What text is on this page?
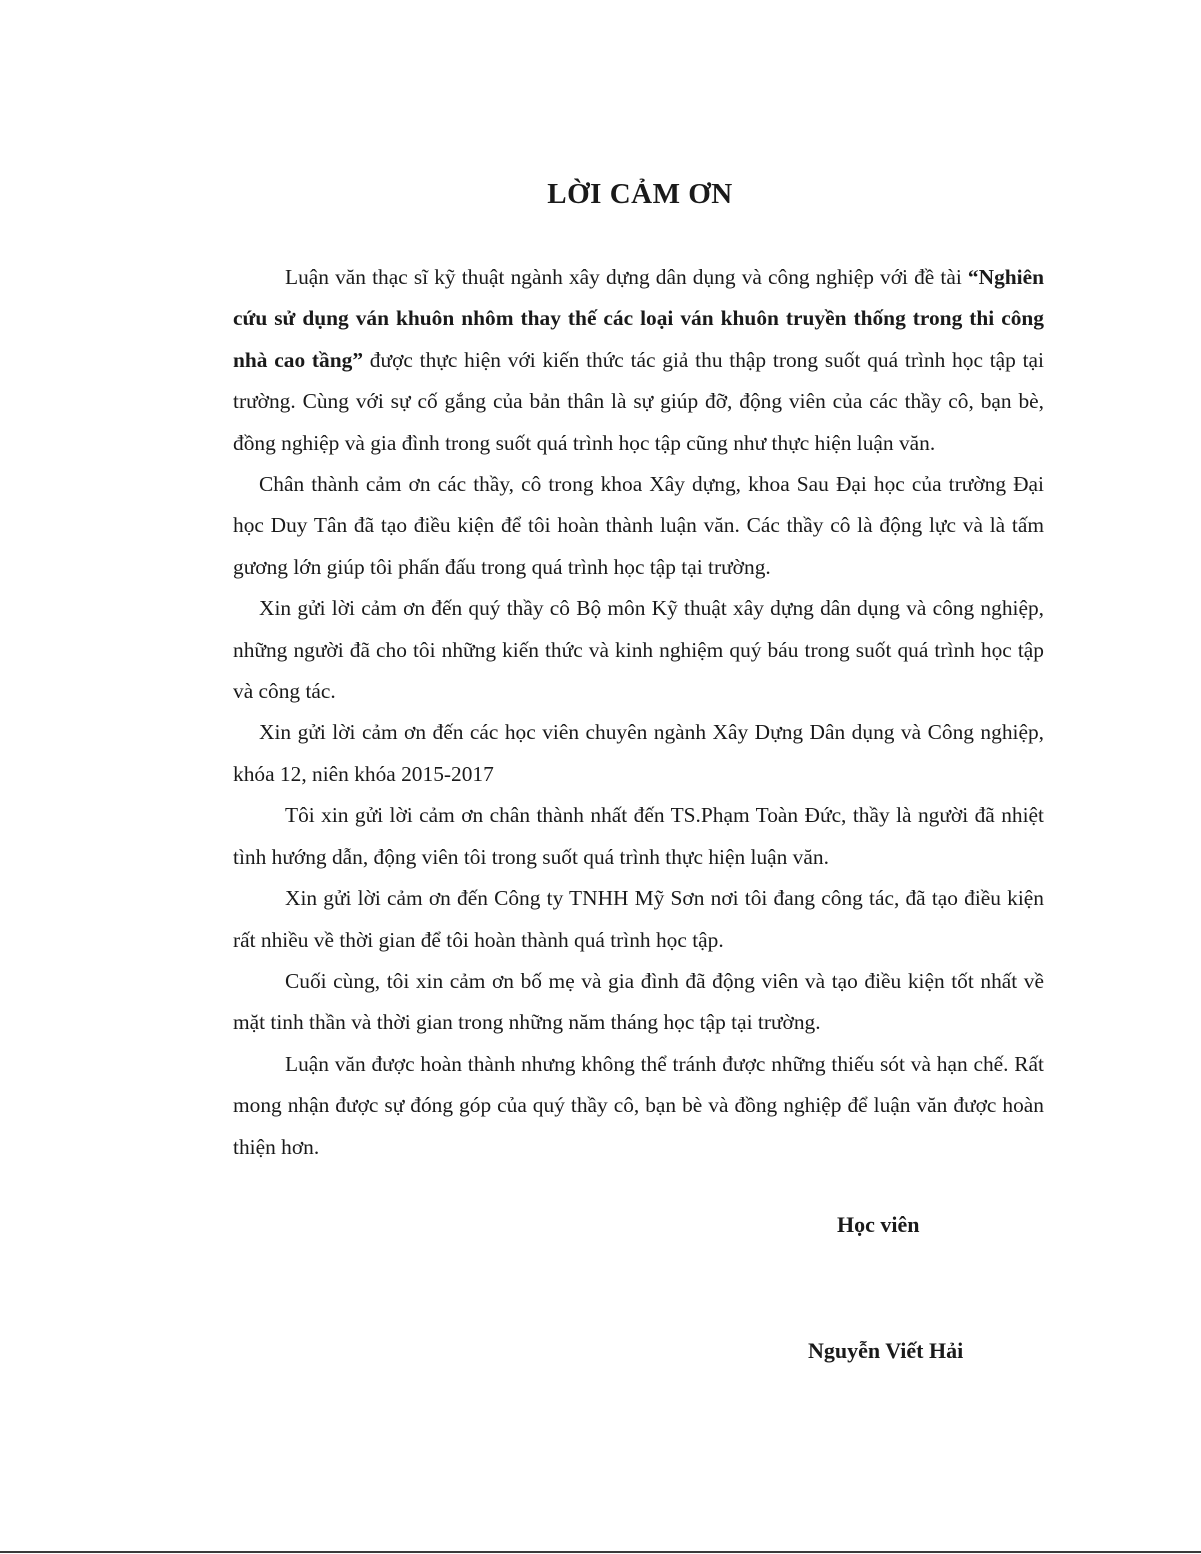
LỜI CẢM ƠN

Luận văn thạc sĩ kỹ thuật ngành xây dựng dân dụng và công nghiệp với đề tài “Nghiên cứu sử dụng ván khuôn nhôm thay thế các loại ván khuôn truyền thống trong thi công nhà cao tầng” được thực hiện với kiến thức tác giả thu thập trong suốt quá trình học tập tại trường. Cùng với sự cố gắng của bản thân là sự giúp đỡ, động viên của các thầy cô, bạn bè, đồng nghiệp và gia đình trong suốt quá trình học tập cũng như thực hiện luận văn.

Chân thành cảm ơn các thầy, cô trong khoa Xây dựng, khoa Sau Đại học của trường Đại học Duy Tân đã tạo điều kiện để tôi hoàn thành luận văn. Các thầy cô là động lực và là tấm gương lớn giúp tôi phấn đấu trong quá trình học tập tại trường.

Xin gửi lời cảm ơn đến quý thầy cô Bộ môn Kỹ thuật xây dựng dân dụng và công nghiệp, những người đã cho tôi những kiến thức và kinh nghiệm quý báu trong suốt quá trình học tập và công tác.

Xin gửi lời cảm ơn đến các học viên chuyên ngành Xây Dựng Dân dụng và Công nghiệp, khóa 12, niên khóa 2015-2017

Tôi xin gửi lời cảm ơn chân thành nhất đến TS.Phạm Toàn Đức, thầy là người đã nhiệt tình hướng dẫn, động viên tôi trong suốt quá trình thực hiện luận văn.

Xin gửi lời cảm ơn đến Công ty TNHH Mỹ Sơn nơi tôi đang công tác, đã tạo điều kiện rất nhiều về thời gian để tôi hoàn thành quá trình học tập.

Cuối cùng, tôi xin cảm ơn bố mẹ và gia đình đã động viên và tạo điều kiện tốt nhất về mặt tinh thần và thời gian trong những năm tháng học tập tại trường.

Luận văn được hoàn thành nhưng không thể tránh được những thiếu sót và hạn chế. Rất mong nhận được sự đóng góp của quý thầy cô, bạn bè và đồng nghiệp để luận văn được hoàn thiện hơn.

Học viên
Nguyễn Viết Hải
